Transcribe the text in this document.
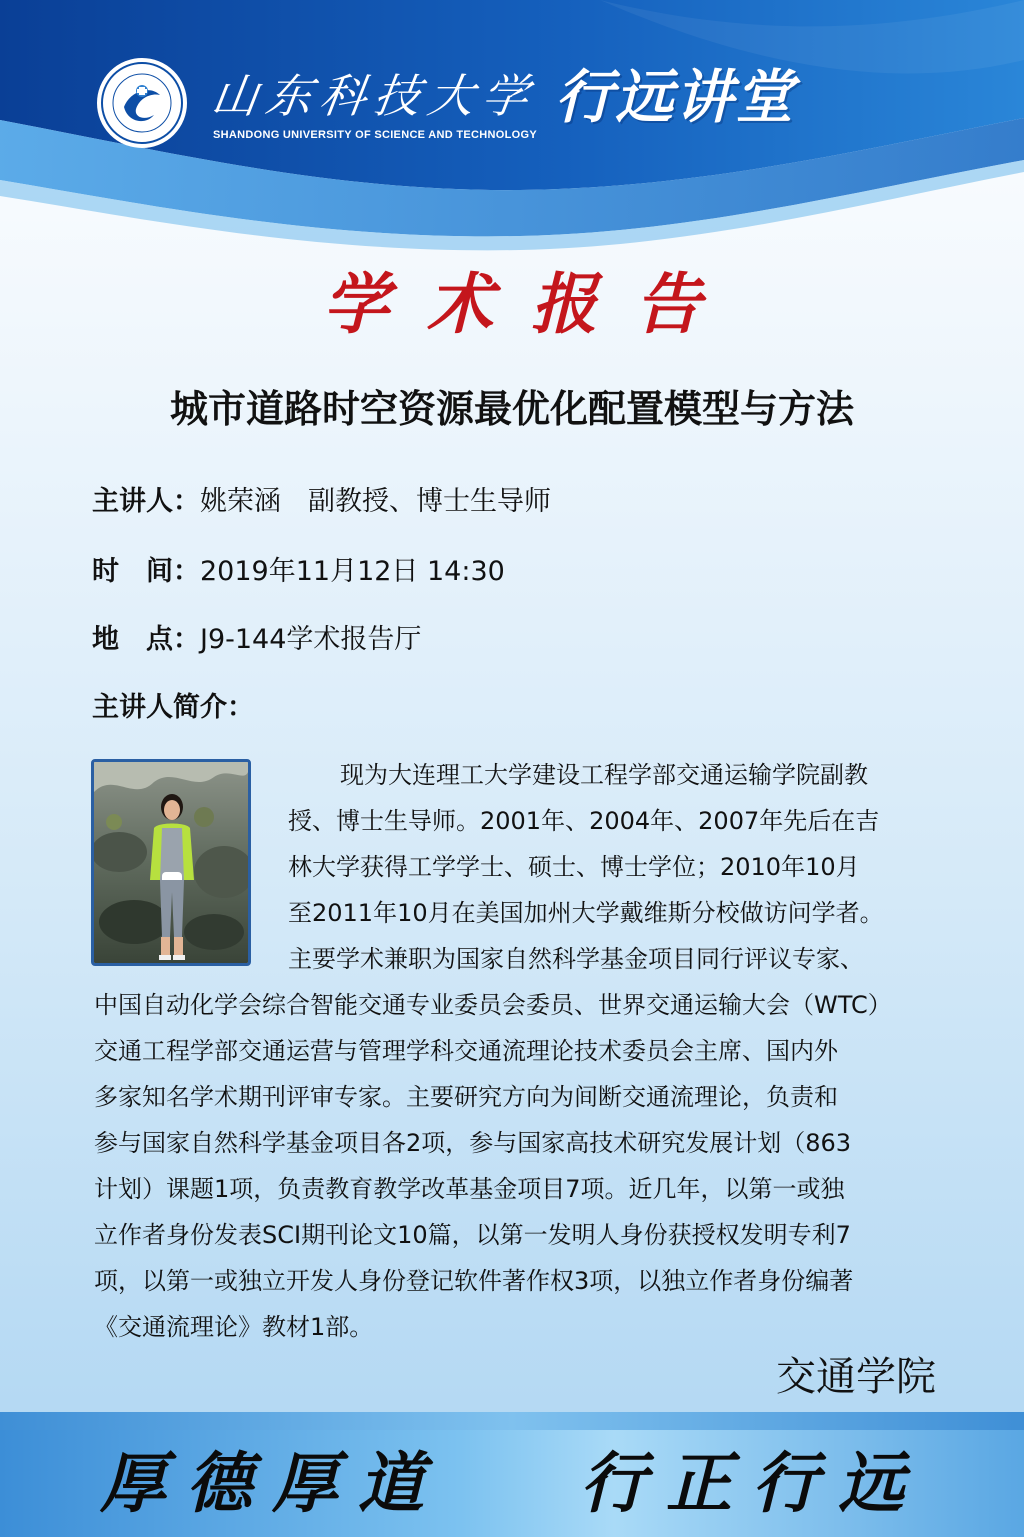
山东科技大学
SHANDONG UNIVERSITY OF SCIENCE AND TECHNOLOGY
行远讲堂
学术报告
城市道路时空资源最优化配置模型与方法
主讲人：姚荣涵　副教授、博士生导师
时　间：2019年11月12日 14:30
地　点：J9-144学术报告厅
主讲人简介：
现为大连理工大学建设工程学部交通运输学院副教
授、博士生导师。2001年、2004年、2007年先后在吉
林大学获得工学学士、硕士、博士学位；2010年10月
至2011年10月在美国加州大学戴维斯分校做访问学者。
主要学术兼职为国家自然科学基金项目同行评议专家、
中国自动化学会综合智能交通专业委员会委员、世界交通运输大会（WTC）
交通工程学部交通运营与管理学科交通流理论技术委员会主席、国内外
多家知名学术期刊评审专家。主要研究方向为间断交通流理论，负责和
参与国家自然科学基金项目各2项，参与国家高技术研究发展计划（863
计划）课题1项，负责教育教学改革基金项目7项。近几年，以第一或独
立作者身份发表SCI期刊论文10篇，以第一发明人身份获授权发明专利7
项，以第一或独立开发人身份登记软件著作权3项，以独立作者身份编著
《交通流理论》教材1部。
交通学院
厚德厚道 行正行远
